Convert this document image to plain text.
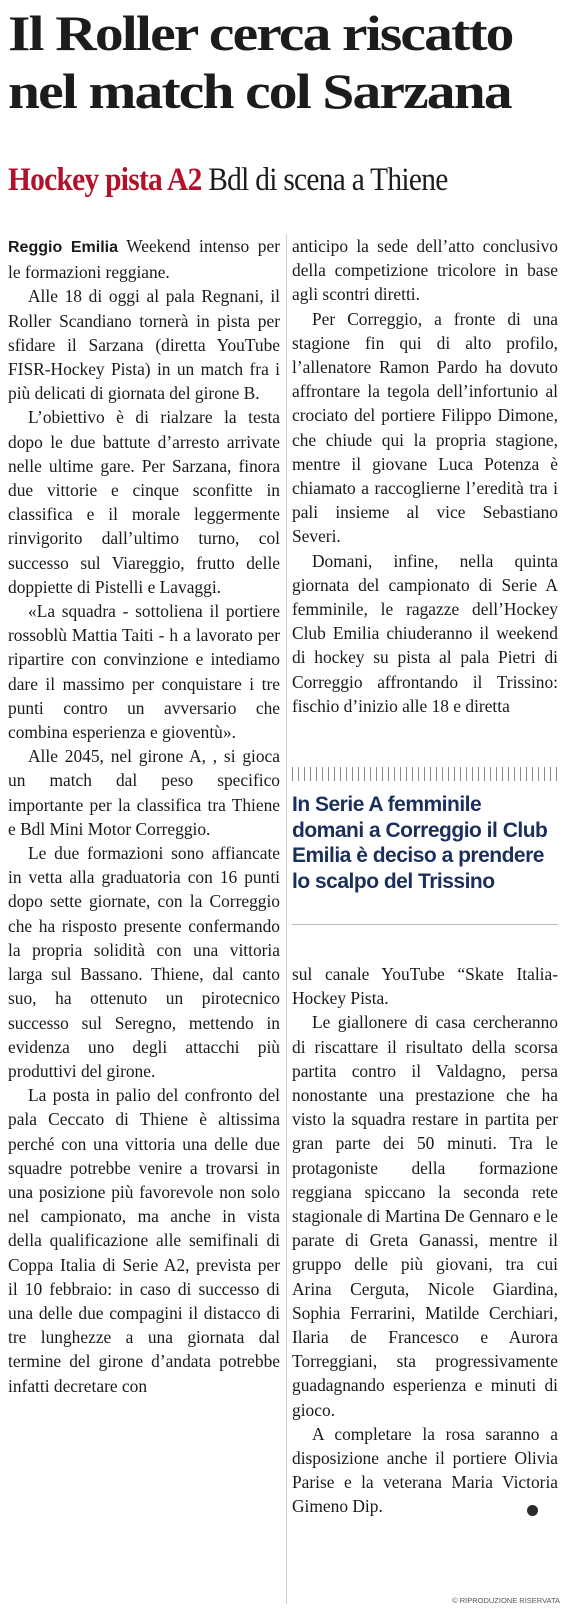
Il Roller cerca riscatto
nel match col Sarzana
Hockey pista A2 Bdl di scena a Thiene

Reggio Emilia Weekend intenso per le formazioni reggiane.

Alle 18 di oggi al pala Regnani, il Roller Scandiano tornerà in pista per sfidare il Sarzana (diretta YouTube FISR-Hockey Pista) in un match fra i più delicati di giornata del girone B.

L’obiettivo è di rialzare la testa dopo le due battute d’arresto arrivate nelle ultime gare. Per Sarzana, finora due vittorie e cinque sconfitte in classifica e il morale leggermente rinvigorito dall’ultimo turno, col successo sul Viareggio, frutto delle doppiette di Pistelli e Lavaggi.

«La squadra - sottoliena il portiere rossoblù Mattia Taiti - h a lavorato per ripartire con convinzione e intediamo dare il massimo per conquistare i tre punti contro un avversario che combina esperienza e gioventù».

Alle 2045, nel girone A, , si gioca un match dal peso specifico importante per la classifica tra Thiene e Bdl Mini Motor Correggio.

Le due formazioni sono affiancate in vetta alla graduatoria con 16 punti dopo sette giornate, con la Correggio che ha risposto presente confermando la propria solidità con una vittoria larga sul Bassano. Thiene, dal canto suo, ha ottenuto un pirotecnico successo sul Seregno, mettendo in evidenza uno degli attacchi più produttivi del girone.

La posta in palio del confronto del pala Ceccato di Thiene è altissima perché con una vittoria una delle due squadre potrebbe venire a trovarsi in una posizione più favorevole non solo nel campionato, ma anche in vista della qualificazione alle semifinali di Coppa Italia di Serie A2, prevista per il 10 febbraio: in caso di successo di una delle due compagini il distacco di tre lunghezze a una giornata dal termine del girone d’andata potrebbe infatti decretare con

anticipo la sede dell’atto conclusivo della competizione tricolore in base agli scontri diretti.

Per Correggio, a fronte di una stagione fin qui di alto profilo, l’allenatore Ramon Pardo ha dovuto affrontare la tegola dell’infortunio al crociato del portiere Filippo Dimone, che chiude qui la propria stagione, mentre il giovane Luca Potenza è chiamato a raccoglierne l’eredità tra i pali insieme al vice Sebastiano Severi.

Domani, infine, nella quinta giornata del campionato di Serie A femminile, le ragazze dell’Hockey Club Emilia chiuderanno il weekend di hockey su pista al pala Pietri di Correggio affrontando il Trissino: fischio d’inizio alle 18 e diretta

In Serie A femminile domani a Correggio il Club Emilia è deciso a prendere lo scalpo del Trissino

sul canale YouTube “Skate Italia-Hockey Pista.

Le giallonere di casa cercheranno di riscattare il risultato della scorsa partita contro il Valdagno, persa nonostante una prestazione che ha visto la squadra restare in partita per gran parte dei 50 minuti. Tra le protagoniste della formazione reggiana spiccano la seconda rete stagionale di Martina De Gennaro e le parate di Greta Ganassi, mentre il gruppo delle più giovani, tra cui Arina Cerguta, Nicole Giardina, Sophia Ferrarini, Matilde Cerchiari, Ilaria de Francesco e Aurora Torreggiani, sta progressivamente guadagnando esperienza e minuti di gioco.

A completare la rosa saranno a disposizione anche il portiere Olivia Parise e la veterana Maria Victoria Gimeno Dip.

© RIPRODUZIONE RISERVATA
